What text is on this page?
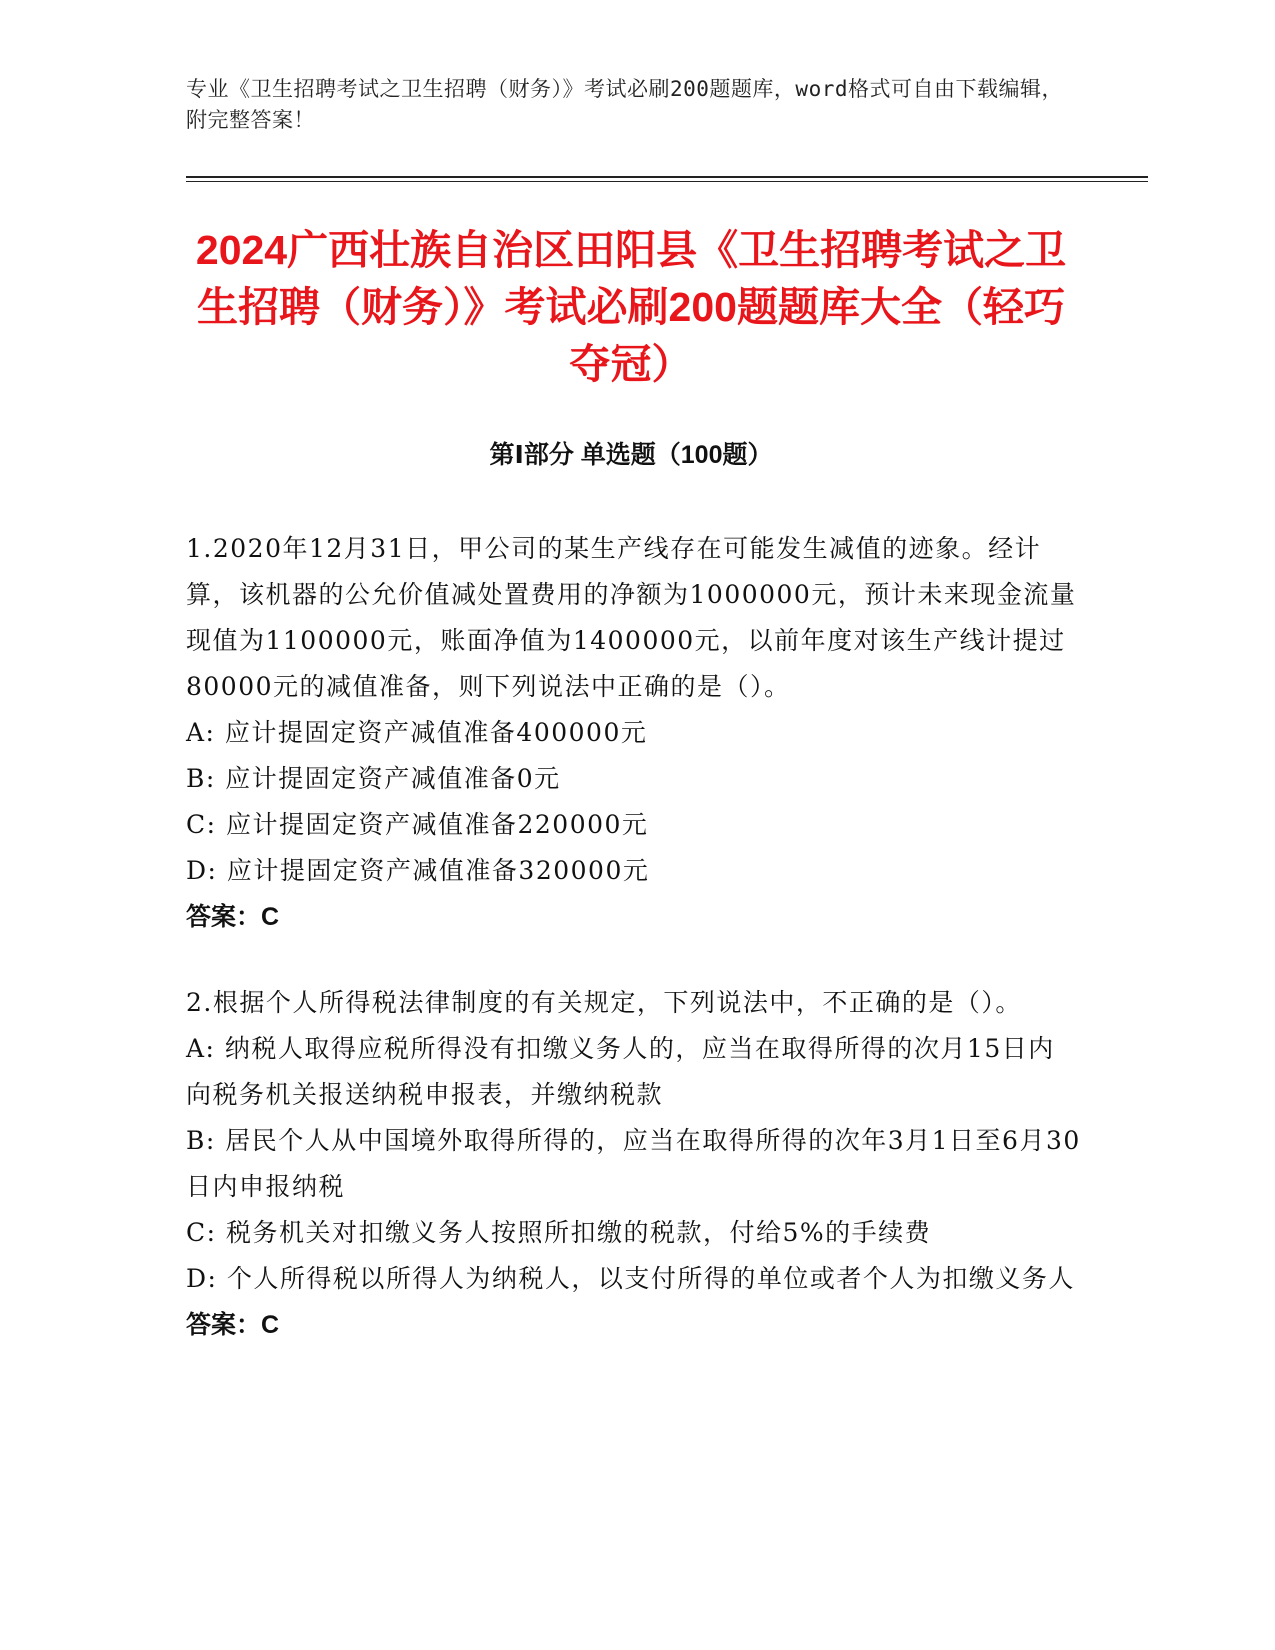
专业《卫生招聘考试之卫生招聘（财务）》考试必刷200题题库，word格式可自由下载编辑，附完整答案！
2024广西壮族自治区田阳县《卫生招聘考试之卫生招聘（财务）》考试必刷200题题库大全（轻巧夺冠）
第Ⅰ部分 单选题（100题）

1.2020年12月31日，甲公司的某生产线存在可能发生减值的迹象。经计算，该机器的公允价值减处置费用的净额为1000000元，预计未来现金流量现值为1100000元，账面净值为1400000元，以前年度对该生产线计提过80000元的减值准备，则下列说法中正确的是（）。

A: 应计提固定资产减值准备400000元

B: 应计提固定资产减值准备0元

C: 应计提固定资产减值准备220000元

D: 应计提固定资产减值准备320000元

答案：C

2.根据个人所得税法律制度的有关规定，下列说法中，不正确的是（）。

A: 纳税人取得应税所得没有扣缴义务人的，应当在取得所得的次月15日内向税务机关报送纳税申报表，并缴纳税款

B: 居民个人从中国境外取得所得的，应当在取得所得的次年3月1日至6月30日内申报纳税

C: 税务机关对扣缴义务人按照所扣缴的税款，付给5%的手续费

D: 个人所得税以所得人为纳税人，以支付所得的单位或者个人为扣缴义务人

答案：C
